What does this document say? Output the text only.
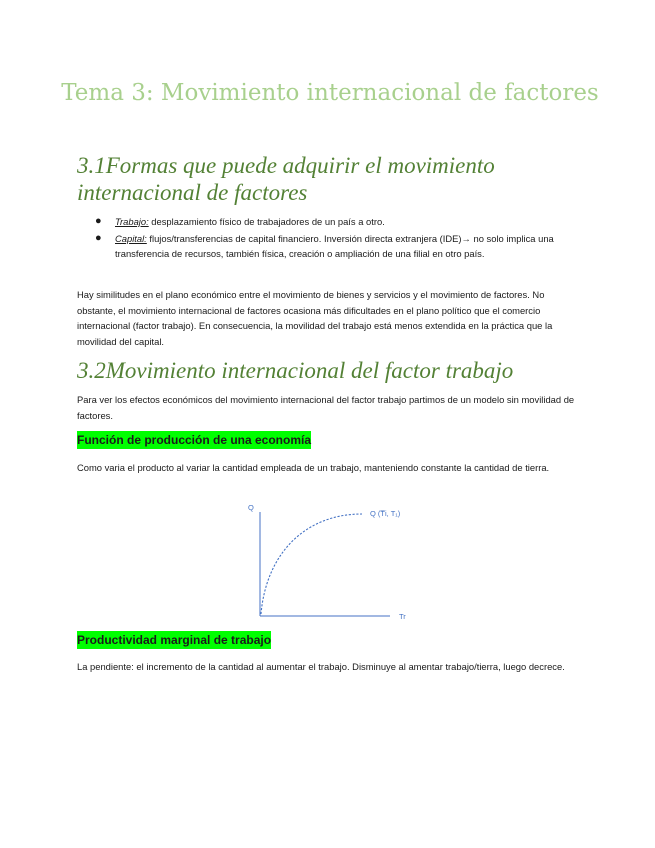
Tema 3: Movimiento internacional de factores
3.1Formas que puede adquirir el movimiento internacional de factores
● Trabajo: desplazamiento físico de trabajadores de un país a otro.
● Capital: flujos/transferencias de capital financiero. Inversión directa extranjera (IDE)→ no solo implica una transferencia de recursos, también física, creación o ampliación de una filial en otro país.

Hay similitudes en el plano económico entre el movimiento de bienes y servicios y el movimiento de factores. No obstante, el movimiento internacional de factores ocasiona más dificultades en el plano político que el comercio internacional (factor trabajo). En consecuencia, la movilidad del trabajo está menos extendida en la práctica que la movilidad del capital.

3.2Movimiento internacional del factor trabajo

Para ver los efectos económicos del movimiento internacional del factor trabajo partimos de un modelo sin movilidad de factores.

Función de producción de una economía

Como varia el producto al variar la cantidad empleada de un trabajo, manteniendo constante la cantidad de tierra.

Q
Q (T̅i, T₁)
Tr
Productividad marginal de trabajo

La pendiente: el incremento de la cantidad al aumentar el trabajo. Disminuye al amentar trabajo/tierra, luego decrece.
